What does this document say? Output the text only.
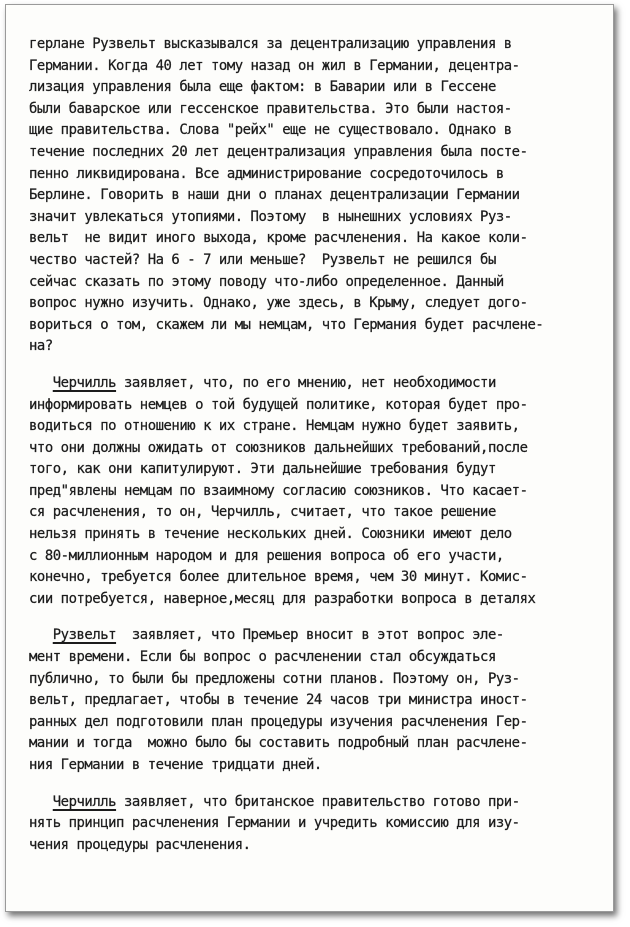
герлане Рузвельт высказывался за децентрализацию управления в
Германии. Когда 40 лет тому назад он жил в Германии, децентра-
лизация управления была еще фактом: в Баварии или в Гессене
были баварское или гессенское правительства. Это были настоя-
щие правительства. Слова "рейх" еще не существовало. Однако в
течение последних 20 лет децентрализация управления была посте-
пенно ликвидирована. Все администрирование сосредоточилось в
Берлине. Говорить в наши дни о планах децентрализации Германии
значит увлекаться утопиями. Поэтому  в нынешних условиях Руз-
вельт  не видит иного выхода, кроме расчленения. На какое коли-
чество частей? На 6 - 7 или меньше?  Рузвельт не решился бы
сейчас сказать по этому поводу что-либо определенное. Данный
вопрос нужно изучить. Однако, уже здесь, в Крыму, следует дого-
вориться о том, скажем ли мы немцам, что Германия будет расчлене-
на?
Черчилль заявляет, что, по его мнению, нет необходимости
информировать немцев о той будущей политике, которая будет про-
водиться по отношению к их стране. Немцам нужно будет заявить,
что они должны ожидать от союзников дальнейших требований,после
того, как они капитулируют. Эти дальнейшие требования будут
пред"явлены немцам по взаимному согласию союзников. Что касает-
ся расчленения, то он, Черчилль, считает, что такое решение
нельзя принять в течение нескольких дней. Союзники имеют дело
с 80-миллионным народом и для решения вопроса об его участи,
конечно, требуется более длительное время, чем 30 минут. Комис-
сии потребуется, наверное,месяц для разработки вопроса в деталях
Рузвельт  заявляет, что Премьер вносит в этот вопрос эле-
мент времени. Если бы вопрос о расчленении стал обсуждаться
публично, то были бы предложены сотни планов. Поэтому он, Руз-
вельт, предлагает, чтобы в течение 24 часов три министра иност-
ранных дел подготовили план процедуры изучения расчленения Гер-
мании и тогда  можно было бы составить подробный план расчлене-
ния Германии в течение тридцати дней.
Черчилль заявляет, что британское правительство готово при-
нять принцип расчленения Германии и учредить комиссию для изу-
чения процедуры расчленения.
